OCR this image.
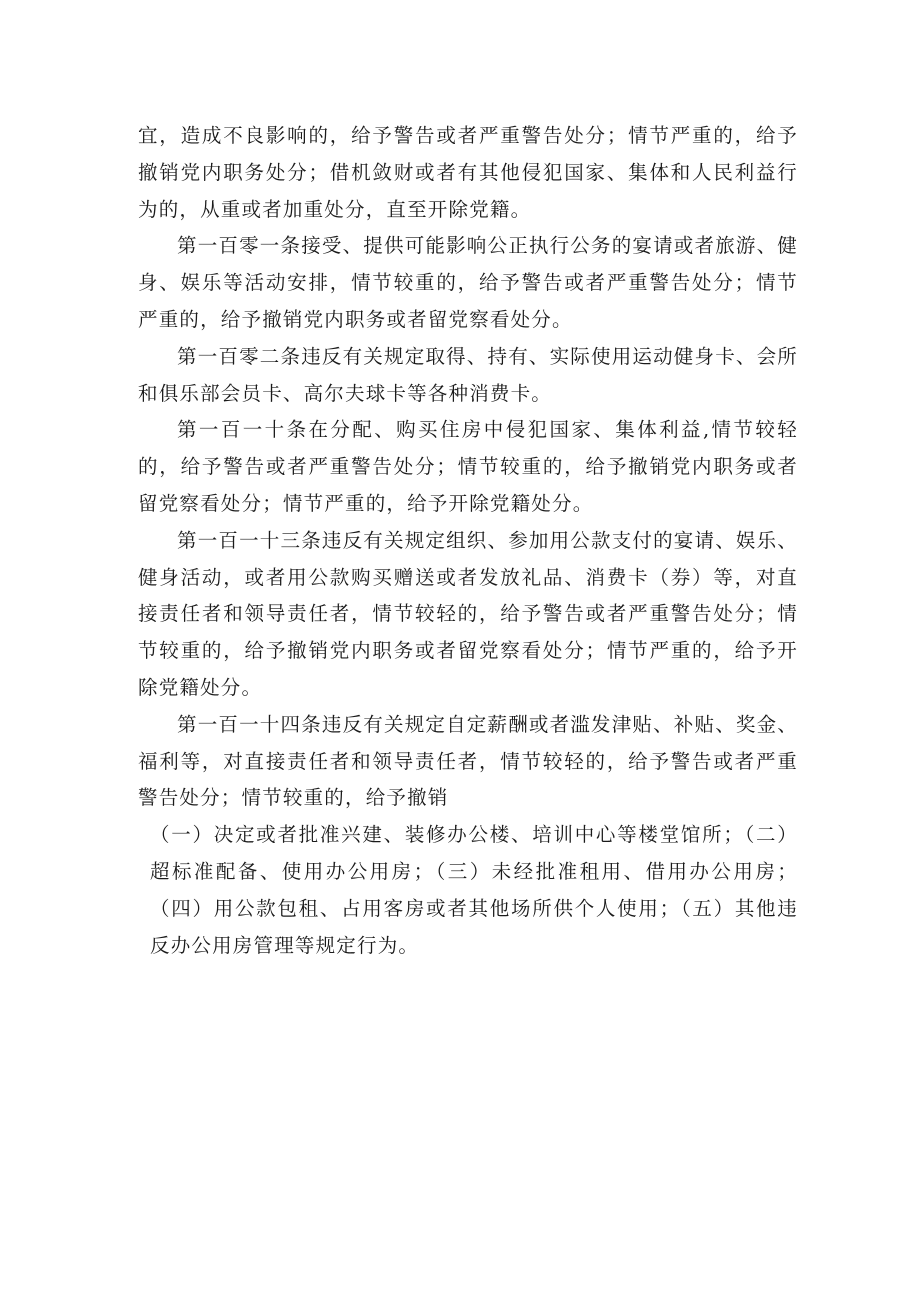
宜，造成不良影响的，给予警告或者严重警告处分；情节严重的，给予撤销党内职务处分；借机敛财或者有其他侵犯国家、集体和人民利益行为的，从重或者加重处分，直至开除党籍。

第一百零一条接受、提供可能影响公正执行公务的宴请或者旅游、健身、娱乐等活动安排，情节较重的，给予警告或者严重警告处分；情节严重的，给予撤销党内职务或者留党察看处分。

第一百零二条违反有关规定取得、持有、实际使用运动健身卡、会所和俱乐部会员卡、高尔夫球卡等各种消费卡。

第一百一十条在分配、购买住房中侵犯国家、集体利益,情节较轻的，给予警告或者严重警告处分；情节较重的，给予撤销党内职务或者留党察看处分；情节严重的，给予开除党籍处分。

第一百一十三条违反有关规定组织、参加用公款支付的宴请、娱乐、健身活动，或者用公款购买赠送或者发放礼品、消费卡（券）等，对直接责任者和领导责任者，情节较轻的，给予警告或者严重警告处分；情节较重的，给予撤销党内职务或者留党察看处分；情节严重的，给予开除党籍处分。

第一百一十四条违反有关规定自定薪酬或者滥发津贴、补贴、奖金、福利等，对直接责任者和领导责任者，情节较轻的，给予警告或者严重警告处分；情节较重的，给予撤销

（一）决定或者批准兴建、装修办公楼、培训中心等楼堂馆所；（二）超标准配备、使用办公用房；（三）未经批准租用、借用办公用房；（四）用公款包租、占用客房或者其他场所供个人使用；（五）其他违反办公用房管理等规定行为。
